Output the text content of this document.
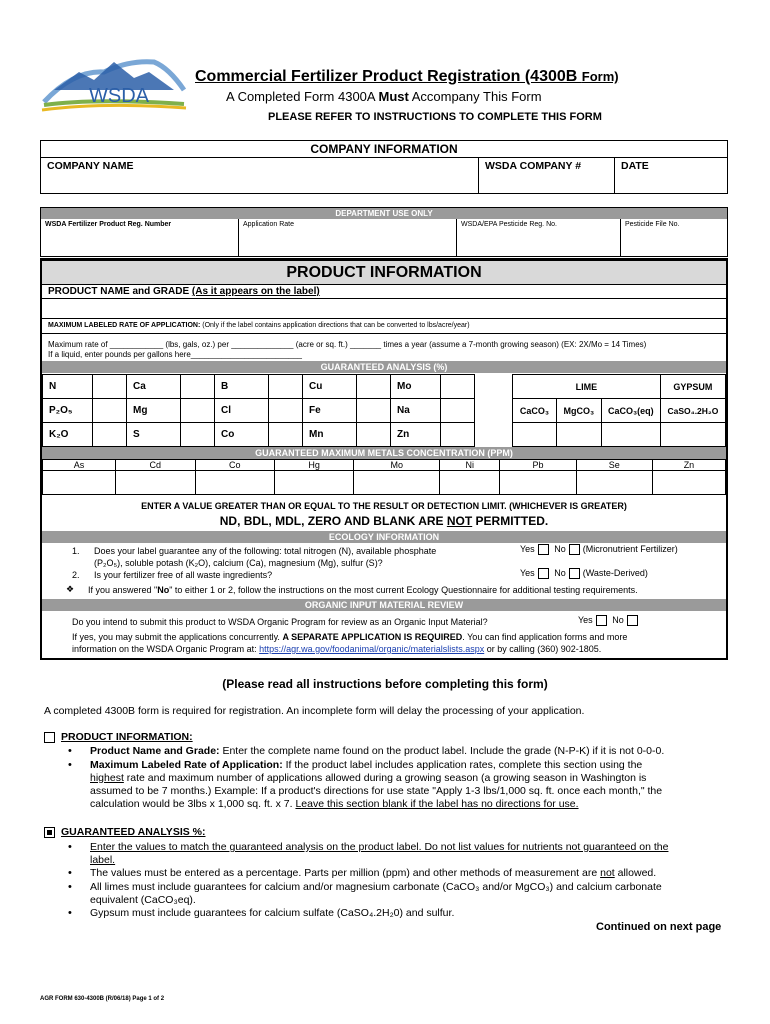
WSDA
Commercial Fertilizer Product Registration (4300B Form)
A Completed Form 4300A Must Accompany This Form
PLEASE REFER TO INSTRUCTIONS TO COMPLETE THIS FORM
COMPANY INFORMATION
COMPANY NAME	WSDA COMPANY #	DATE
DEPARTMENT USE ONLY
WSDA Fertilizer Product Reg. Number	Application Rate	WSDA/EPA Pesticide Reg. No.	Pesticide File No.
PRODUCT INFORMATION
PRODUCT NAME and GRADE (As it appears on the label)
MAXIMUM LABELED RATE OF APPLICATION: (Only if the label contains application directions that can be converted to lbs/acre/year)
Maximum rate of ____________ (lbs, gals, oz.) per ______________ (acre or sq. ft.) _______ times a year (assume a 7-month growing season) (EX: 2X/Mo = 14 Times)
If a liquid, enter pounds per gallons here_________________________
GUARANTEED ANALYSIS (%)
N		Ca		B		Cu		Mo	
P₂O₅		Mg		Cl		Fe		Na	
K₂O		S		Co		Mn		Zn	
LIME			GYPSUM
CaCO₃	MgCO₃	CaCO₃(eq)	CaSO₄.2H₂O

GUARANTEED MAXIMUM METALS CONCENTRATION (PPM)
As	Cd	Co	Hg	Mo	Ni	Pb	Se	Zn

ENTER A VALUE GREATER THAN OR EQUAL TO THE RESULT OR DETECTION LIMIT. (WHICHEVER IS GREATER)
ND, BDL, MDL, ZERO AND BLANK ARE NOT PERMITTED.
ECOLOGY INFORMATION
1. Does your label guarantee any of the following: total nitrogen (N), available phosphate
(P₂O₅), soluble potash (K₂O), calcium (Ca), magnesium (Mg), sulfur (S)?
2. Is your fertilizer free of all waste ingredients?
Yes No (Micronutrient Fertilizer)
Yes No (Waste-Derived)
❖ If you answered "No" to either 1 or 2, follow the instructions on the most current Ecology Questionnaire for additional testing requirements.
ORGANIC INPUT MATERIAL REVIEW
Do you intend to submit this product to WSDA Organic Program for review as an Organic Input Material?	Yes No
If yes, you may submit the applications concurrently. A SEPARATE APPLICATION IS REQUIRED. You can find application forms and more
information on the WSDA Organic Program at: https://agr.wa.gov/foodanimal/organic/materialslists.aspx or by calling (360) 902-1805.
(Please read all instructions before completing this form)
A completed 4300B form is required for registration. An incomplete form will delay the processing of your application.
PRODUCT INFORMATION:
• Product Name and Grade: Enter the complete name found on the product label. Include the grade (N-P-K) if it is not 0-0-0.
• Maximum Labeled Rate of Application: If the product label includes application rates, complete this section using the
highest rate and maximum number of applications allowed during a growing season (a growing season in Washington is
assumed to be 7 months.) Example: If a product's directions for use state "Apply 1-3 lbs/1,000 sq. ft. once each month," the
calculation would be 3lbs x 1,000 sq. ft. x 7. Leave this section blank if the label has no directions for use.
GUARANTEED ANALYSIS %:
• Enter the values to match the guaranteed analysis on the product label. Do not list values for nutrients not guaranteed on the
label.
• The values must be entered as a percentage. Parts per million (ppm) and other methods of measurement are not allowed.
• All limes must include guarantees for calcium and/or magnesium carbonate (CaCO₃ and/or MgCO₃) and calcium carbonate
equivalent (CaCO₃eq).
• Gypsum must include guarantees for calcium sulfate (CaSO₄.2H₂0) and sulfur.
Continued on next page
AGR FORM 630-4300B (R/06/18) Page 1 of 2
